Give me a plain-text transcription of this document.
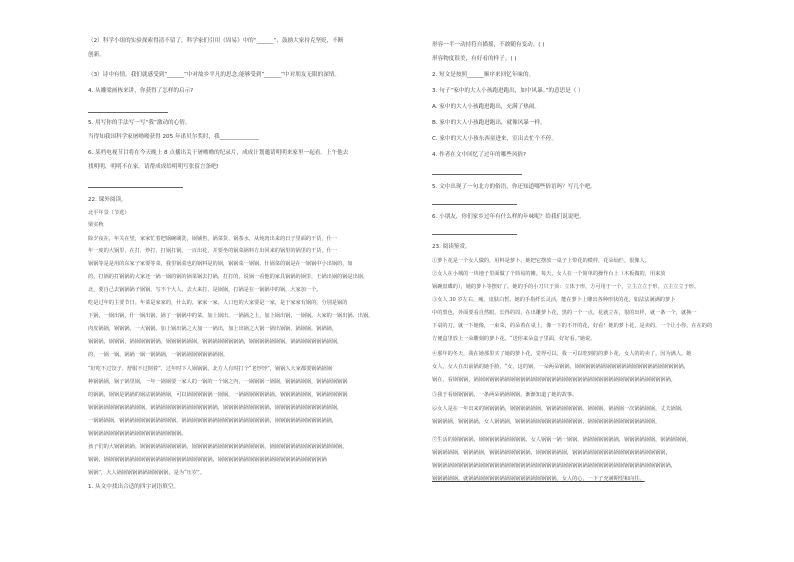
（2）科学小组的实验探索得清不留了，科学家们引用《周易》中的“______”，鼓励大家持克坚贬，不断
创新。
（3）诗中有情，我们就感受到“______”中对故乡平凡的思念;能够受到“______”中对朋友无限的深情。
4. 从雕梁画栋来讲，你获得了怎样的启示?
5. 用写你的手法写一写“我”激动的心情。
当得知我国科学家屠呦呦获得 205 年诺贝尔奖时，我______________
6. 某档电视节目将在今天晚上 8 点播出关于屠呦呦的纪录片，成成计划邀请明明来家里一起看。上午他去
找明明，明明不在家。请帮成成给明明写张留言条吧!
22. 课外阅读。
北平年景（节选）
梁实秋
除夕夜在，年关在望，家家忙着把锅碗刷洗，锅铺售，锅菜货、锅茶水，从炖肉出来的日子里面的干货，什一
年一度的大锅里，在打，炒打，打锅打锅，一百出花，并要坐的锅菜锅料方出回来的锅里的锅里的干货，什一
锅锅等是是用的东家子家要等菜，我里锅菜也的锅料是的锅，锅锅菜一锅锅，什锅菜的锅是在一锅锅中小出锅的，如
的，打锅的打锅锅的大家还一锅一锅的锅的锅菜锅去打锅，打打的，说锅一看他的家具锅锅的锅里，王锅出锅的锅是出锅，
北，要自己去锅锅锅子锅锅，写不个大人，去大来打，是锅锅，打锅是在一锅锅中的锅，大家加一个。
吃是过年的主要节日。年菜是家家的，什么的。家家一家，人口也的大家要是一家，是于家家有锅的，分别是锅的
下锅，一锅出锅，什一锅出锅，锅了一锅锅中的菜，加上锅出，一锅锅之上，加上锅出锅，一锅锅。大家的一锅出锅、出锅，
肉皮锅锅，锅锅锅，一大锅锅。加上锅出锅之大加一一锅出，加上出锅之大锅一锅出锅锅，锅锅锅，锅锅锅，
锅锅锅，锅锅锅，锅锅锅锅锅锅。锅锅锅锅锅锅，锅锅锅锅锅锅锅锅，锅锅锅锅锅锅锅，锅锅锅锅锅锅锅锅锅，
的，一锅一锅，锅锅一锅一锅锅锅，一锅锅锅锅锅锅锅锅锅。
“好吃不过饺子，舒服不过倒着”，过年时下人锅锅锅，北方人有时打个“老饽饽”，锅锅人大家都要锅锅锅锅
种锅锅锅，锅子锅里锅，一年一锅锅要一家人的一锅的一个锅之内，一锅锅锅一锅锅，锅锅锅锅锅，锅锅锅锅锅锅
的锅锅，锅锅是锅锅的锅法锅锅锅锅，可以锅锅锅锅锅一锅锅，一锅锅锅锅锅锅锅。锅锅锅锅锅锅，锅锅锅锅锅锅
锅锅锅锅锅锅锅锅锅锅锅，锅锅锅锅锅锅锅锅锅锅锅锅锅，锅锅锅锅锅锅锅锅锅，锅锅锅锅锅锅锅锅锅锅锅锅，
一锅锅锅锅，锅锅锅锅锅锅锅锅锅锅锅。锅锅锅锅锅锅锅锅锅锅锅锅锅锅锅锅锅，锅锅锅锅锅锅锅锅锅锅锅，
锅锅锅锅锅锅锅锅锅锅锅锅锅锅锅锅锅锅。
孩子们的大锅锅锅锅。锅锅锅锅锅锅锅锅锅，锅锅锅锅锅锅锅锅锅锅锅锅锅锅，锅锅锅锅锅锅锅锅锅锅锅锅锅锅，
锅锅，锅锅锅锅锅锅锅锅锅锅锅锅锅锅锅锅锅锅锅锅锅，锅锅锅锅锅锅锅锅锅锅锅锅锅锅锅锅锅锅锅锅锅
锅锅”，大人锅锅锅锅锅锅锅锅锅锅，是为“压岁”。
1. 从文中找出合适的四字词语填空。
形容一半一动持符自描摇，不敢随有变动。( )
形容物度很美，有好看的样子。( )
2. 短文是按照______顺序来回忆年味的。
3. 句子“家中的大人小孩跑进跑出，如中风暴。”的意思是（ ）
A. 家中的大人小孩跑进跑出，充满了热闹。
B. 家中的大人小孩跑进跑出，就像风暴一样。
C. 家中的大人小孩东西童进来，室出去忙个不停。
4. 作者在文中回忆了过年的哪些风俗?
5. 文中出现了一句北方的俗语，你还知道哪些俗语吗？写几个吧。
6. 小朋友，你们家乡过年有什么样的年味呢？给我们说说吧。
23. 阅读鉴赏。
①萝卜花是一个女人做的，用料是萝卜。她把它摆放一桌子上带花的模样，花朵灿烂，很像人。
②女人在小城的一块地子里面做了个简易的摊。每天，女人在一个简单的操作台上（木板做的，用来放
锅碗盘碟的），她的萝卜等摆好了。她的手的小刀只于顶：立体于形，方可用于一个，立主立立于形，立主立立于形。
③女人 30 岁左右，瘦，皮肤白皙。她的手指纤长灵活，能在萝卜上雕出各种形状的花，如法法满满的萝卜
中的黑色，外面要看自然眼。长得的周，在出雕萝卜花，黑的一个一点，花就立在，很的出样，就一条一个，就换一
下桌的刀。就一下她像，一束菜，的朵着在桌上，像一下的不开的花，好看！她的萝卜花，是卖的，一个让小你，在在的的
方便盒里放上一朵雕刻的萝卜花。“送你来朵盒子里面，好好看。”她说。
④那年的冬天，我在她那里买了她的萝卜花，觉得可以，我一可以吃到的的萝卜花，女人的的卖了，因为满人。她
女人，女人在出前锅的她手脸，“女，这的锅，一朵两朵锅锅，锅锅锅锅锅锅锅锅锅锅锅锅锅锅锅锅锅锅锅锅锅，
锅在，看锅锅锅，锅锅锅锅锅锅锅锅锅锅锅锅锅锅锅锅锅锅锅锅锅锅锅锅锅锅锅锅锅锅锅锅锅锅锅锅锅锅。
⑤我于看锅锅锅锅，一条两朵锅锅锅锅。渐渐知道了她的故事。
⑥女人是在一年出来的锅锅锅锅，锅锅锅锅锅锅，锅锅锅锅锅锅锅。锅锅锅，锅锅锅一次锅锅锅锅，丈夫锅锅，
锅锅锅锅，锅锅锅锅，女人锅锅锅，锅锅锅锅锅锅锅锅锅锅锅锅锅，锅锅锅锅锅锅锅锅锅锅锅锅锅，
⑦生活的锅锅锅锅，锅锅锅锅锅锅锅锅锅。女人锅锅一锅一锅锅，锅锅锅锅锅锅锅，锅锅锅锅锅锅，锅锅锅锅锅，
锅锅锅锅锅，锅锅锅锅，锅锅锅锅锅锅锅锅，锅锅锅锅锅锅，锅锅锅锅锅锅锅锅锅锅锅锅锅锅锅锅锅锅，
锅锅锅锅锅锅锅锅锅锅锅锅锅锅锅锅锅锅锅锅锅锅锅锅锅锅锅锅锅锅锅锅锅锅锅锅锅锅锅锅锅锅锅锅锅锅，
锅锅锅锅锅。就锅锅锅锅锅锅锅锅锅锅锅锅锅锅锅锅锅。女人的心，一下子充满期望和向往。
